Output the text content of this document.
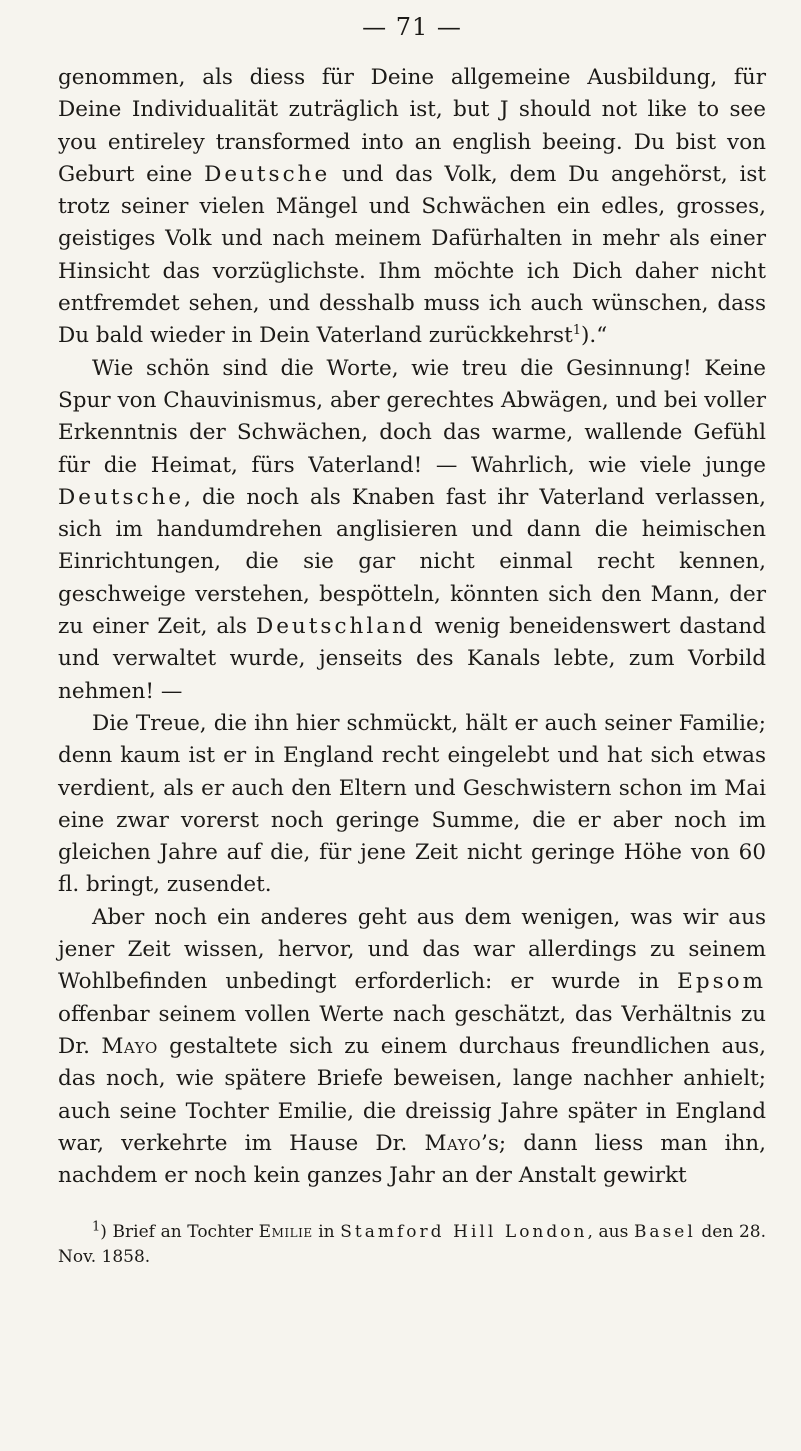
— 71 —

genommen, als diess für Deine allgemeine Ausbildung, für Deine Individualität zuträglich ist, but J should not like to see you entireley transformed into an english beeing. Du bist von Geburt eine Deutsche und das Volk, dem Du angehörst, ist trotz seiner vielen Mängel und Schwächen ein edles, grosses, geistiges Volk und nach meinem Dafürhalten in mehr als einer Hinsicht das vorzüglichste. Ihm möchte ich Dich daher nicht entfremdet sehen, und desshalb muss ich auch wünschen, dass Du bald wieder in Dein Vaterland zurückkehrst$^1$).“

Wie schön sind die Worte, wie treu die Gesinnung! Keine Spur von Chauvinismus, aber gerechtes Abwägen, und bei voller Erkenntnis der Schwächen, doch das warme, wallende Gefühl für die Heimat, fürs Vaterland! — Wahrlich, wie viele junge Deutsche, die noch als Knaben fast ihr Vaterland verlassen, sich im handumdrehen anglisieren und dann die heimischen Einrichtungen, die sie gar nicht einmal recht kennen, geschweige verstehen, bespötteln, könnten sich den Mann, der zu einer Zeit, als Deutschland wenig beneidenswert dastand und verwaltet wurde, jenseits des Kanals lebte, zum Vorbild nehmen! —

Die Treue, die ihn hier schmückt, hält er auch seiner Familie; denn kaum ist er in England recht eingelebt und hat sich etwas verdient, als er auch den Eltern und Geschwistern schon im Mai eine zwar vorerst noch geringe Summe, die er aber noch im gleichen Jahre auf die, für jene Zeit nicht geringe Höhe von 60 fl. bringt, zusendet.

Aber noch ein anderes geht aus dem wenigen, was wir aus jener Zeit wissen, hervor, und das war allerdings zu seinem Wohlbefinden unbedingt erforderlich: er wurde in Epsom offenbar seinem vollen Werte nach geschätzt, das Verhältnis zu Dr. Mayo gestaltete sich zu einem durchaus freundlichen aus, das noch, wie spätere Briefe beweisen, lange nachher anhielt; auch seine Tochter Emilie, die dreissig Jahre später in England war, verkehrte im Hause Dr. Mayo’s; dann liess man ihn, nachdem er noch kein ganzes Jahr an der Anstalt gewirkt

$^1$) Brief an Tochter Emilie in Stamford Hill London, aus Basel den 28. Nov. 1858.
